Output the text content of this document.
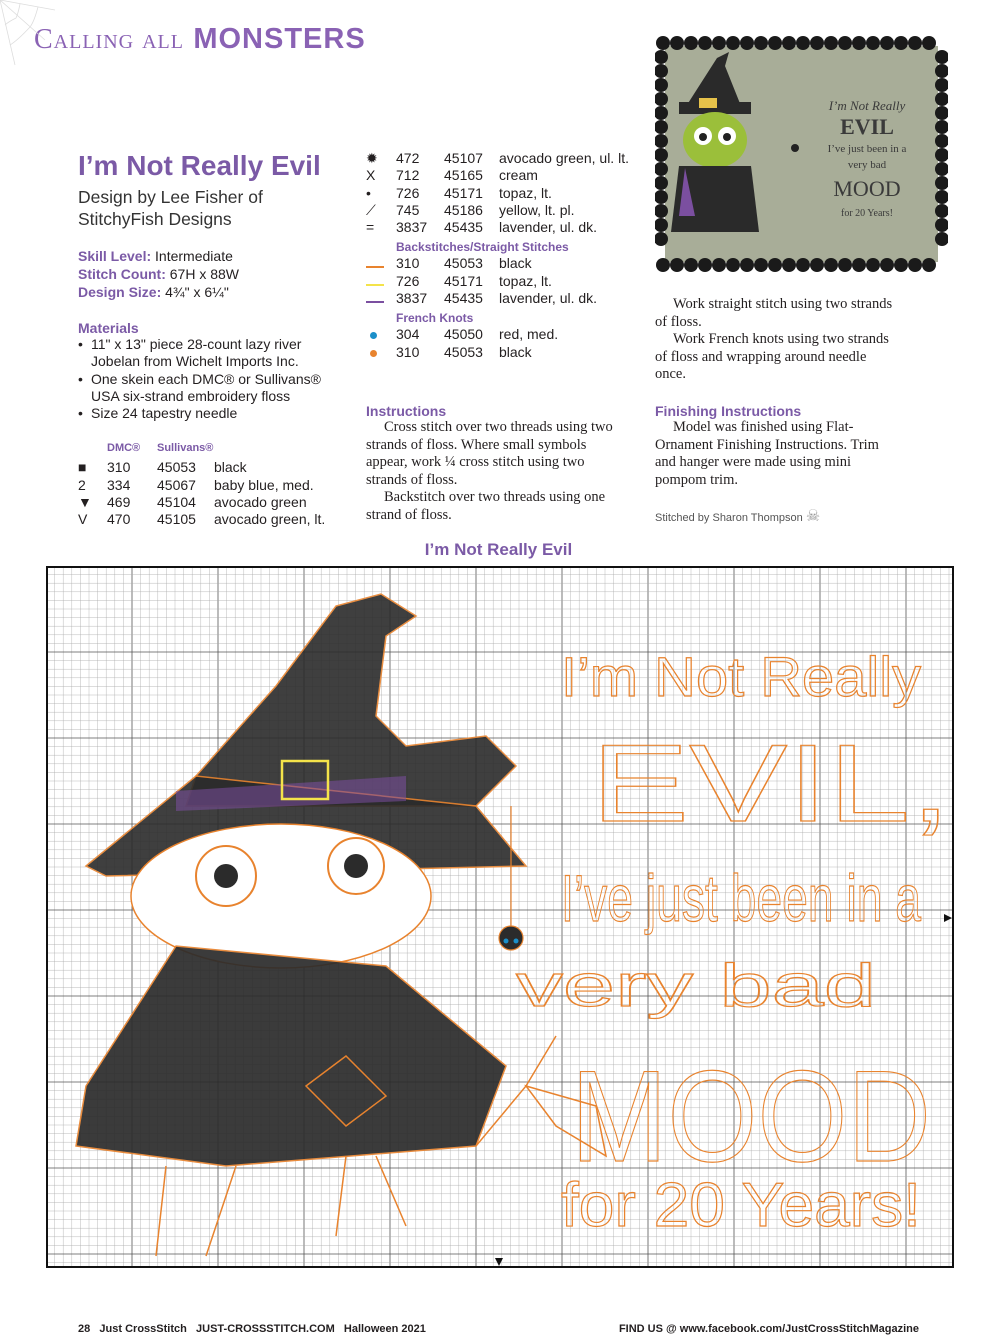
Calling all MONSTERS
I’m Not Really
EVIL
I’ve just been in a
very bad
MOOD
for 20 Years!
I’m Not Really Evil
Design by Lee Fisher of
StitchyFish Designs
Skill Level: Intermediate
Stitch Count: 67H x 88W
Design Size: 4¾" x 6¼"
Materials
• 11" x 13" piece 28-count lazy river Jobelan from Wichelt Imports Inc.
• One skein each DMC® or Sullivans® USA six-strand embroidery floss
• Size 24 tapestry needle
	DMC®	Sullivans®	
■	310	45053	black
2	334	45067	baby blue, med.
▼	469	45104	avocado green
V	470	45105	avocado green, lt.
✹	472	45107	avocado green, ul. lt.
X	712	45165	cream
•	726	45171	topaz, lt.
⟋	745	45186	yellow, lt. pl.
=	3837	45435	lavender, ul. dk.
Backstitches/Straight Stitches
	310	45053	black
	726	45171	topaz, lt.
	3837	45435	lavender, ul. dk.
French Knots
	304	45050	red, med.
	310	45053	black
Instructions

Cross stitch over two threads using two strands of floss. Where small symbols appear, work ¼ cross stitch using two strands of floss.

Backstitch over two threads using one strand of floss.

Work straight stitch using two strands of floss.

Work French knots using two strands of floss and wrapping around needle once.

Finishing Instructions

Model was finished using Flat-Ornament Finishing Instructions. Trim and hanger were made using mini pompom trim.

Stitched by Sharon Thompson ☠
I’m Not Really Evil
I’m Not Really
EVIL,
I’ve just been in a
very bad
MOOD
for 20 Years!
28 Just CrossStitch JUST-CROSSSTITCH.COM Halloween 2021	FIND US @ www.facebook.com/JustCrossStitchMagazine
